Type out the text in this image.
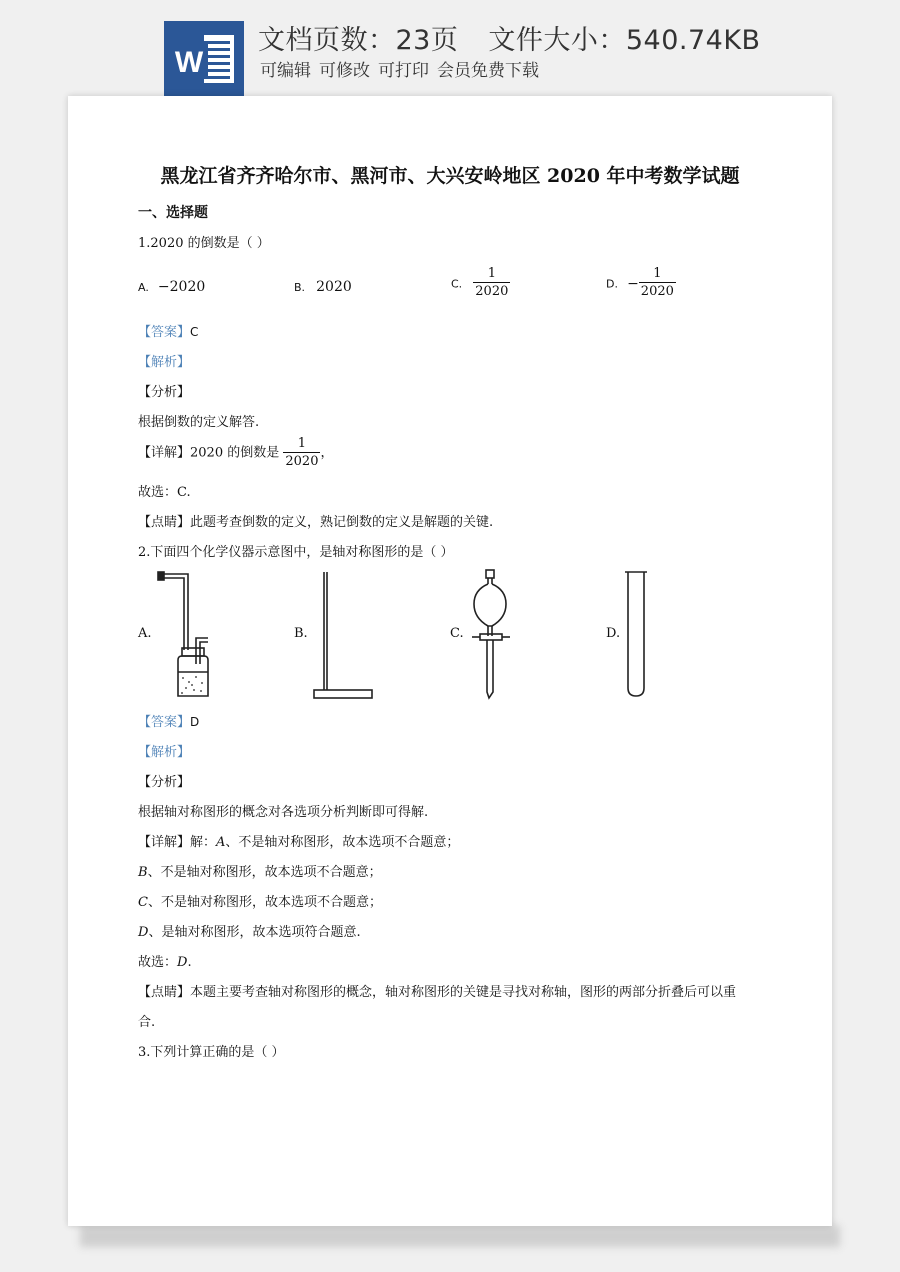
W
文档页数：23页 文件大小：540.74KB
可编辑 可修改 可打印 会员免费下载
黑龙江省齐齐哈尔市、黑河市、大兴安岭地区 2020 年中考数学试题
一、选择题
1.2020 的倒数是（ ）
A. −2020	B. 2020	C. $\frac{1}{2020}$	D. − $\frac{1}{2020}$
【答案】C
【解析】
【分析】
根据倒数的定义解答.
【详解】2020 的倒数是 $\frac{1}{2020}$ ，
故选：C.
【点睛】此题考查倒数的定义，熟记倒数的定义是解题的关键.
2.下面四个化学仪器示意图中，是轴对称图形的是（ ）
A.	B.	C.	D.
【答案】D
【解析】
【分析】
根据轴对称图形的概念对各选项分析判断即可得解.
【详解】解：A、不是轴对称图形，故本选项不合题意；
B、不是轴对称图形，故本选项不合题意；
C、不是轴对称图形，故本选项不合题意；
D、是轴对称图形，故本选项符合题意.
故选：D.
【点睛】本题主要考查轴对称图形的概念，轴对称图形的关键是寻找对称轴，图形的两部分折叠后可以重
合.
3.下列计算正确的是（ ）
